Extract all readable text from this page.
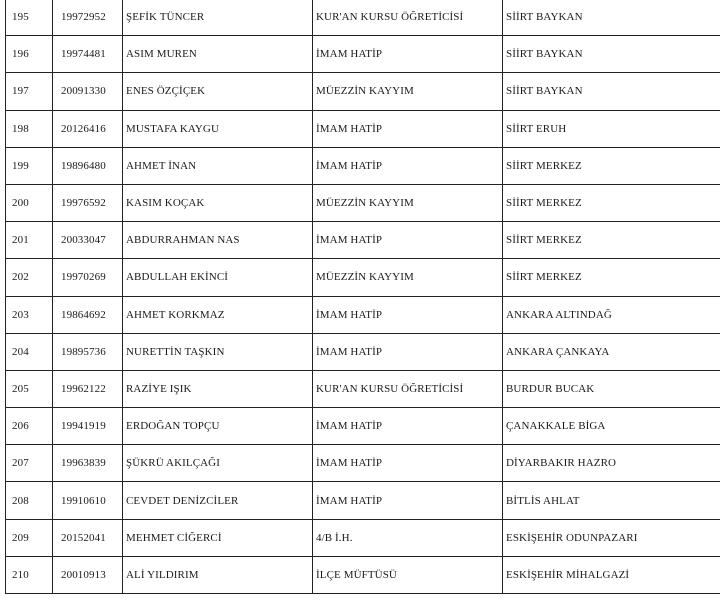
195	19972952	ŞEFİK TÜNCER	KUR'AN KURSU ÖĞRETİCİSİ	SİİRT BAYKAN
196	19974481	ASIM MUREN	İMAM HATİP	SİİRT BAYKAN
197	20091330	ENES ÖZÇİÇEK	MÜEZZİN KAYYIM	SİİRT BAYKAN
198	20126416	MUSTAFA KAYGU	İMAM HATİP	SİİRT ERUH
199	19896480	AHMET İNAN	İMAM HATİP	SİİRT MERKEZ
200	19976592	KASIM KOÇAK	MÜEZZİN KAYYIM	SİİRT MERKEZ
201	20033047	ABDURRAHMAN NAS	İMAM HATİP	SİİRT MERKEZ
202	19970269	ABDULLAH EKİNCİ	MÜEZZİN KAYYIM	SİİRT MERKEZ
203	19864692	AHMET KORKMAZ	İMAM HATİP	ANKARA ALTINDAĞ
204	19895736	NURETTİN TAŞKIN	İMAM HATİP	ANKARA ÇANKAYA
205	19962122	RAZİYE IŞIK	KUR'AN KURSU ÖĞRETİCİSİ	BURDUR BUCAK
206	19941919	ERDOĞAN TOPÇU	İMAM HATİP	ÇANAKKALE BİGA
207	19963839	ŞÜKRÜ AKILÇAĞI	İMAM HATİP	DİYARBAKIR HAZRO
208	19910610	CEVDET DENİZCİLER	İMAM HATİP	BİTLİS AHLAT
209	20152041	MEHMET CİĞERCİ	4/B İ.H.	ESKİŞEHİR ODUNPAZARI
210	20010913	ALİ YILDIRIM	İLÇE MÜFTÜSÜ	ESKİŞEHİR MİHALGAZİ
